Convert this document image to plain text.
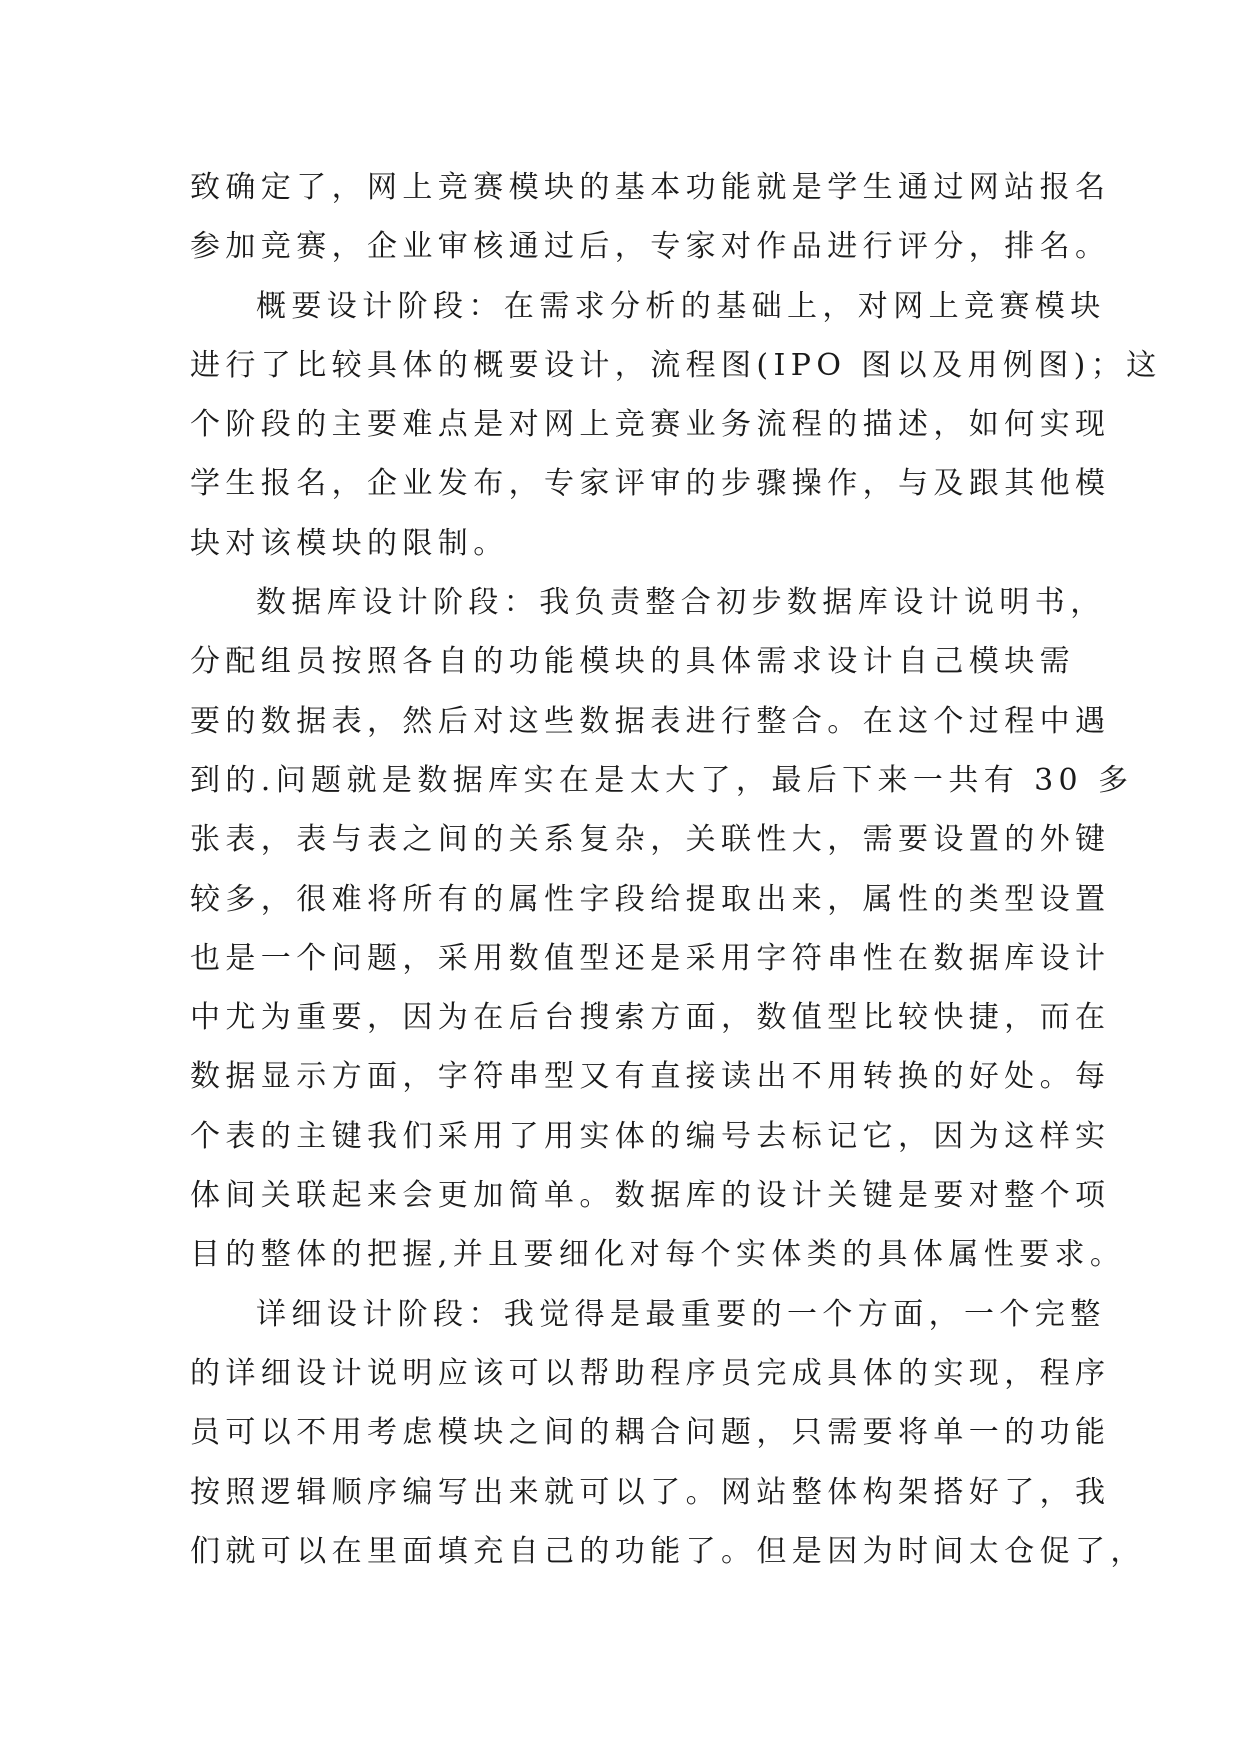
致确定了，网上竞赛模块的基本功能就是学生通过网站报名
参加竞赛，企业审核通过后，专家对作品进行评分，排名。
概要设计阶段：在需求分析的基础上，对网上竞赛模块
进行了比较具体的概要设计，流程图(IPO 图以及用例图)；这
个阶段的主要难点是对网上竞赛业务流程的描述，如何实现
学生报名，企业发布，专家评审的步骤操作，与及跟其他模
块对该模块的限制。
数据库设计阶段：我负责整合初步数据库设计说明书，
分配组员按照各自的功能模块的具体需求设计自己模块需
要的数据表，然后对这些数据表进行整合。在这个过程中遇
到的.问题就是数据库实在是太大了，最后下来一共有 30 多
张表，表与表之间的关系复杂，关联性大，需要设置的外键
较多，很难将所有的属性字段给提取出来，属性的类型设置
也是一个问题，采用数值型还是采用字符串性在数据库设计
中尤为重要，因为在后台搜索方面，数值型比较快捷，而在
数据显示方面，字符串型又有直接读出不用转换的好处。每
个表的主键我们采用了用实体的编号去标记它，因为这样实
体间关联起来会更加简单。数据库的设计关键是要对整个项
目的整体的把握,并且要细化对每个实体类的具体属性要求。
详细设计阶段：我觉得是最重要的一个方面，一个完整
的详细设计说明应该可以帮助程序员完成具体的实现，程序
员可以不用考虑模块之间的耦合问题，只需要将单一的功能
按照逻辑顺序编写出来就可以了。网站整体构架搭好了，我
们就可以在里面填充自己的功能了。但是因为时间太仓促了，
